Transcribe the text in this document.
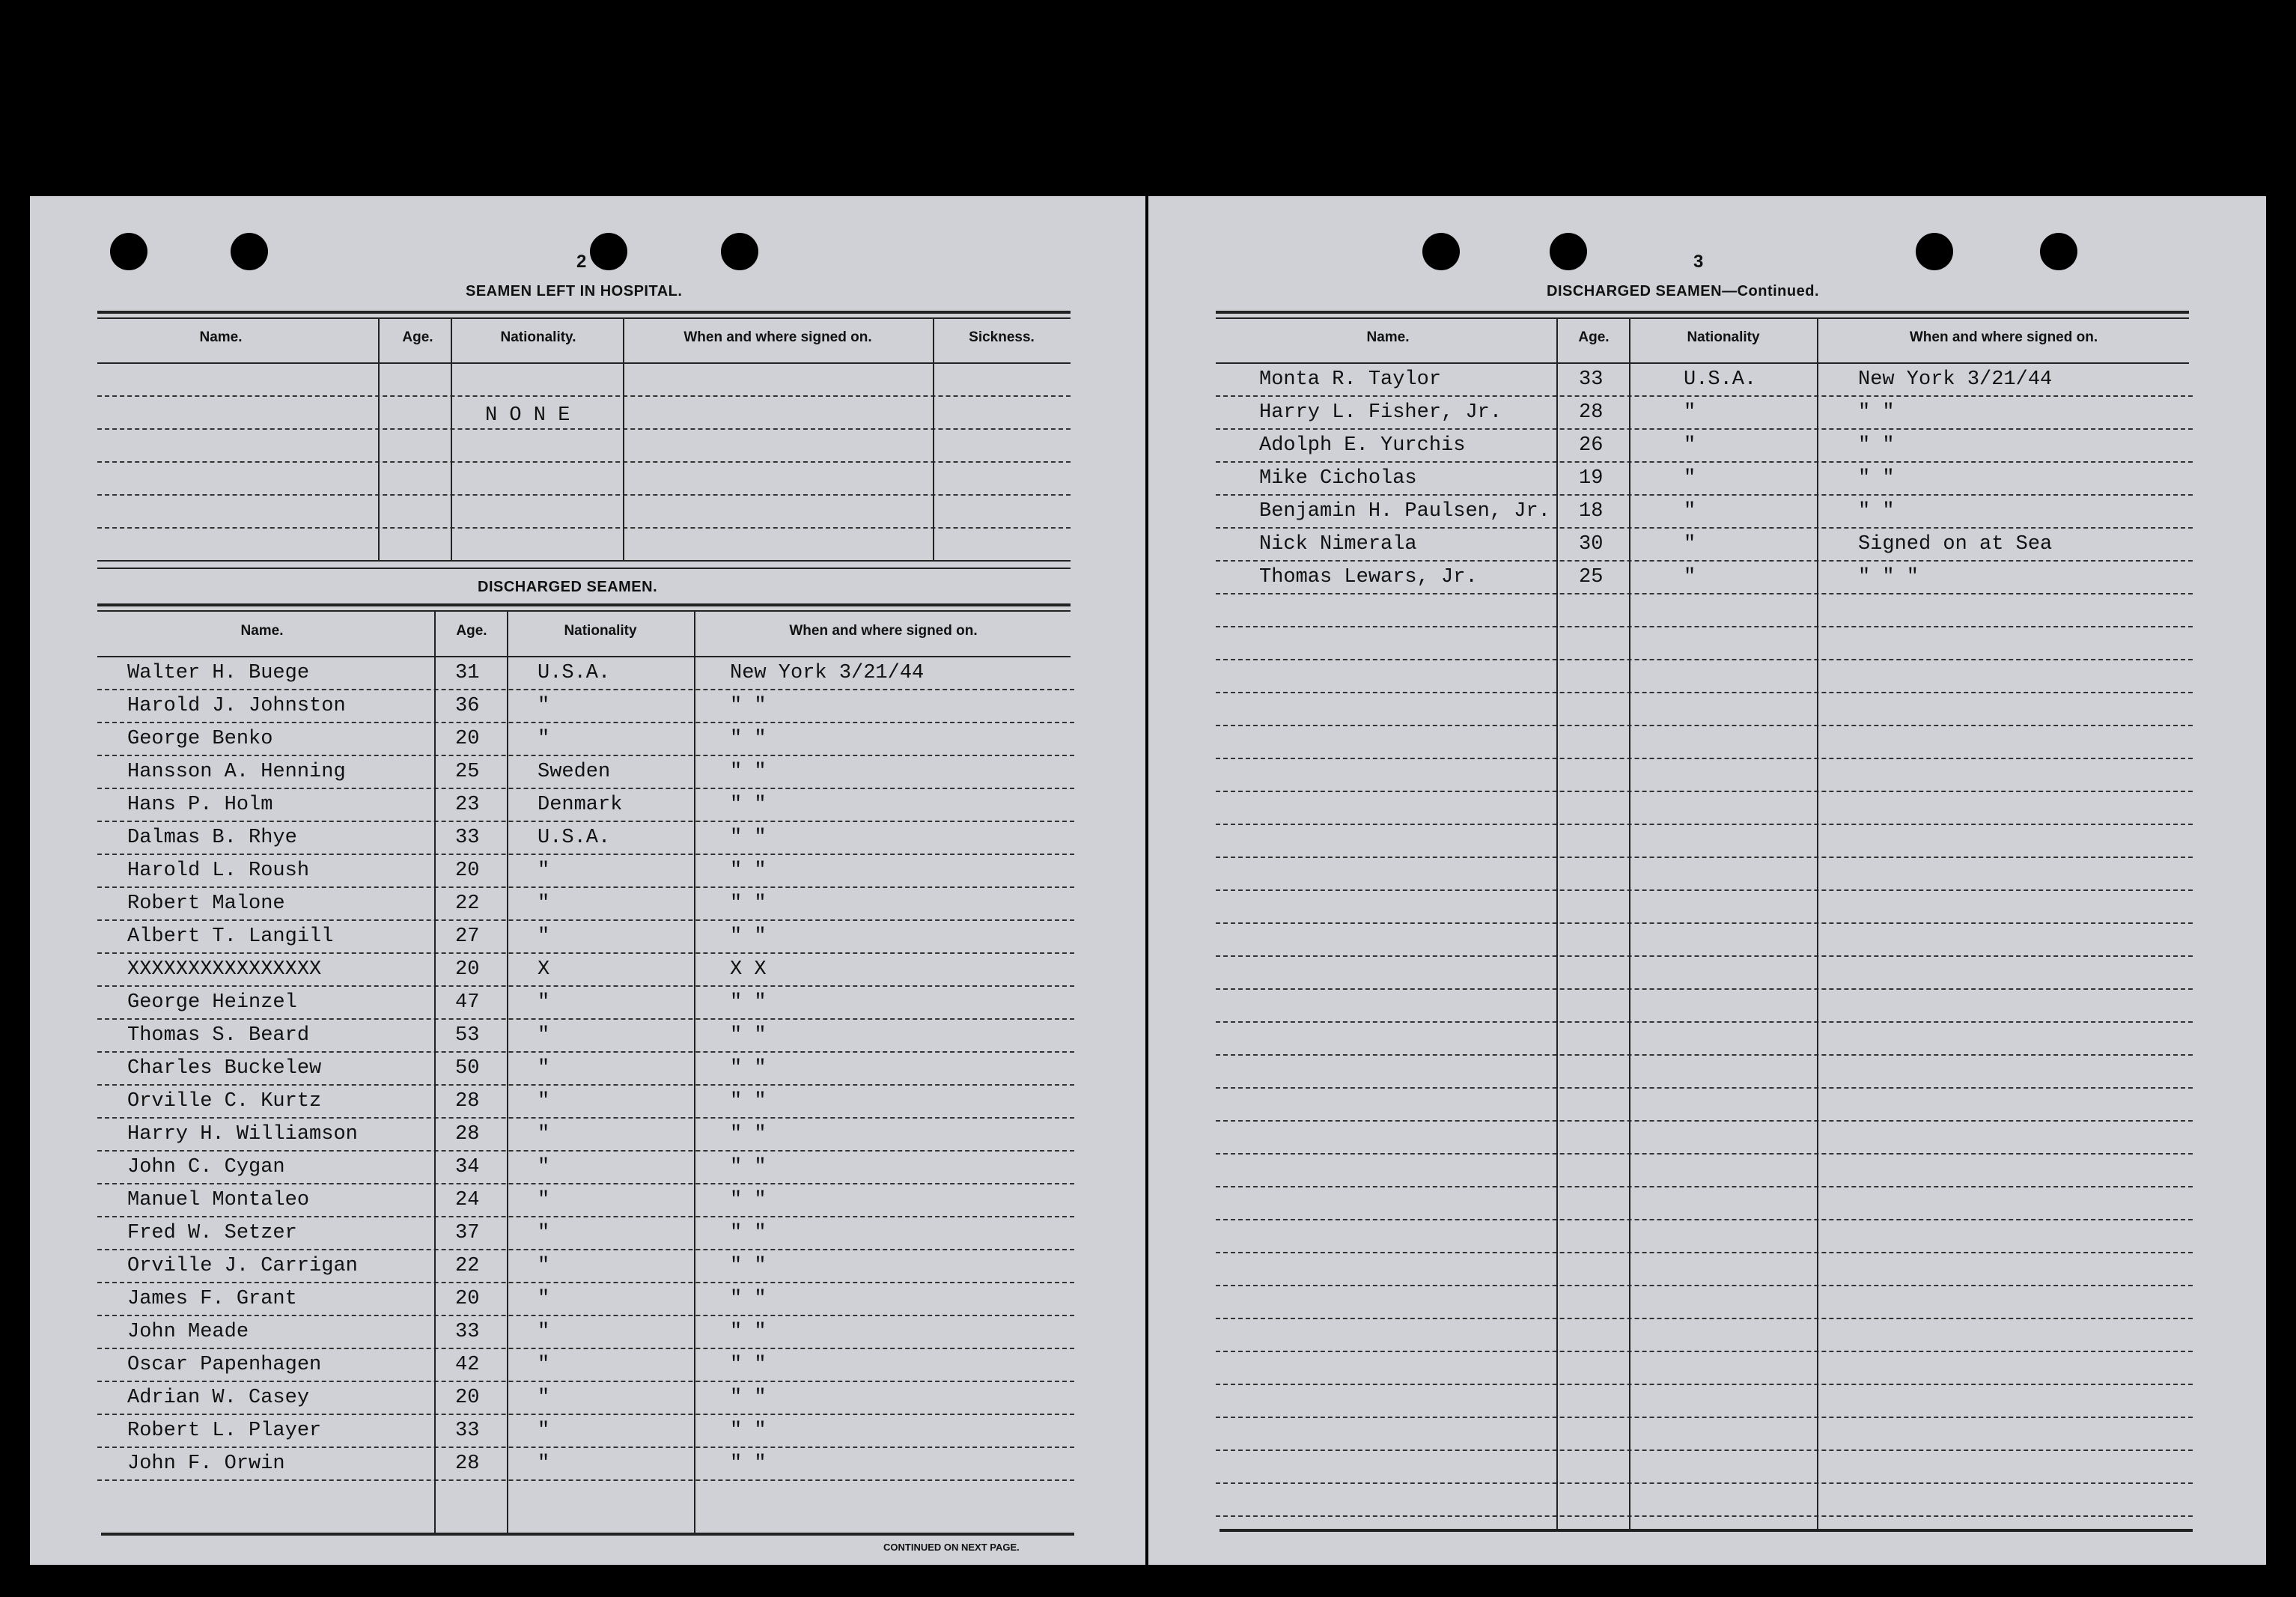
2
SEAMEN LEFT IN HOSPITAL.
Name.	Age.	Nationality.	When and where signed on.	Sickness.
N O N E
DISCHARGED SEAMEN.
Name.	Age.	Nationality	When and where signed on.
Walter H. Buege	31	U.S.A.	New York 3/21/44
Harold J. Johnston	36	"	" "
George Benko	20	"	" "
Hansson A. Henning	25	Sweden	" "
Hans P. Holm	23	Denmark	" "
Dalmas B. Rhye	33	U.S.A.	" "
Harold L. Roush	20	"	" "
Robert Malone	22	"	" "
Albert T. Langill	27	"	" "
XXXXXXXXXXXXXXXX	20	X	X X
George Heinzel	47	"	" "
Thomas S. Beard	53	"	" "
Charles Buckelew	50	"	" "
Orville C. Kurtz	28	"	" "
Harry H. Williamson	28	"	" "
John C. Cygan	34	"	" "
Manuel Montaleo	24	"	" "
Fred W. Setzer	37	"	" "
Orville J. Carrigan	22	"	" "
James F. Grant	20	"	" "
John Meade	33	"	" "
Oscar Papenhagen	42	"	" "
Adrian W. Casey	20	"	" "
Robert L. Player	33	"	" "
John F. Orwin	28	"	" "
CONTINUED ON NEXT PAGE.
3
DISCHARGED SEAMEN—Continued.
Name.	Age.	Nationality	When and where signed on.
Monta R. Taylor	33	U.S.A.	New York 3/21/44
Harry L. Fisher, Jr.	28	"	" "
Adolph E. Yurchis	26	"	" "
Mike Cicholas	19	"	" "
Benjamin H. Paulsen, Jr. 18	"	" "
Nick Nimerala	30	"	Signed on at Sea
Thomas Lewars, Jr.	25	"	" " "
